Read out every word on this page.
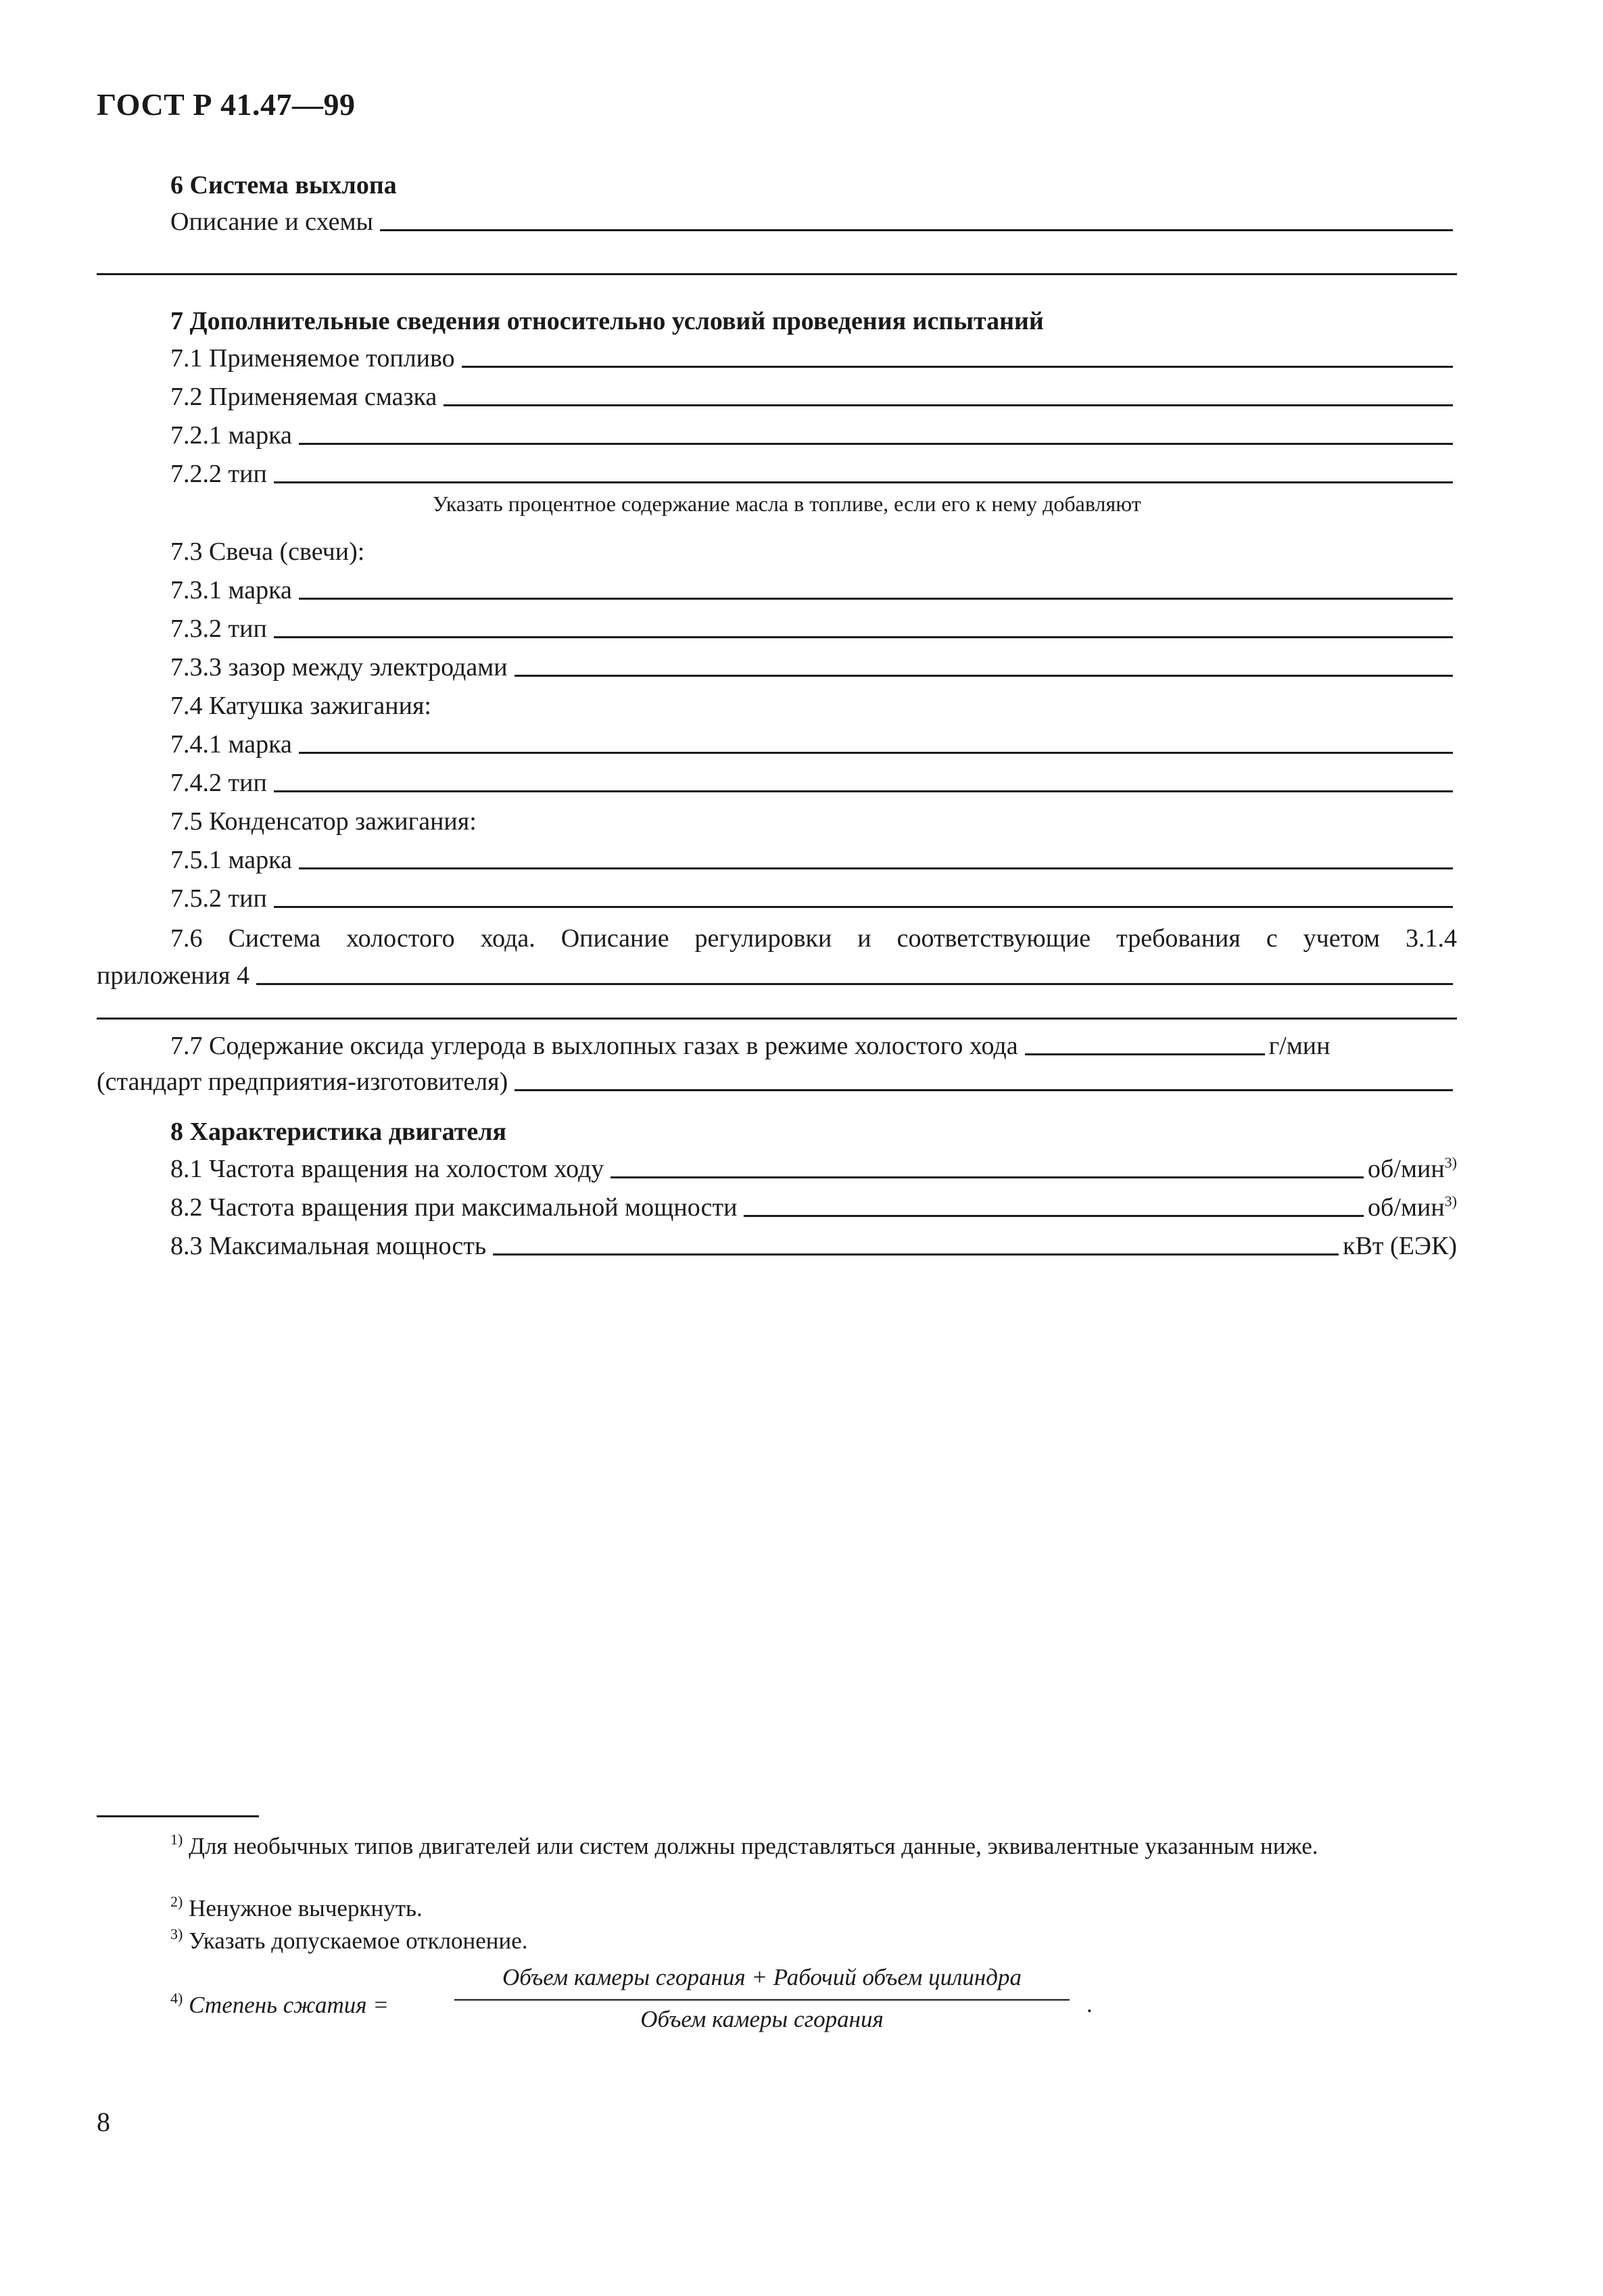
ГОСТ Р 41.47—99
6 Система выхлопа
Описание и схемы
7 Дополнительные сведения относительно условий проведения испытаний
7.1 Применяемое топливо
7.2 Применяемая смазка
7.2.1 марка
7.2.2 тип
Указать процентное содержание масла в топливе, если его к нему добавляют
7.3 Свеча (свечи):
7.3.1 марка
7.3.2 тип
7.3.3 зазор между электродами
7.4 Катушка зажигания:
7.4.1 марка
7.4.2 тип
7.5 Конденсатор зажигания:
7.5.1 марка
7.5.2 тип
7.6 Система холостого хода. Описание регулировки и соответствующие требования с учетом 3.1.4
приложения 4
7.7 Содержание оксида углерода в выхлопных газах в режиме холостого хода	г/мин
(стандарт предприятия-изготовителя)
8 Характеристика двигателя
8.1 Частота вращения на холостом ходу	об/мин$^{3)}$
8.2 Частота вращения при максимальной мощности	об/мин$^{3)}$
8.3 Максимальная мощность	кВт (ЕЭК)
$^{1)}$ Для необычных типов двигателей или систем должны представляться данные, эквивалентные указанным ниже.
$^{2)}$ Ненужное вычеркнуть.
$^{3)}$ Указать допускаемое отклонение.
$^{4)}$ Степень сжатия =
Объем камеры сгорания + Рабочий объем цилиндра
Объем камеры сгорания
.
8
